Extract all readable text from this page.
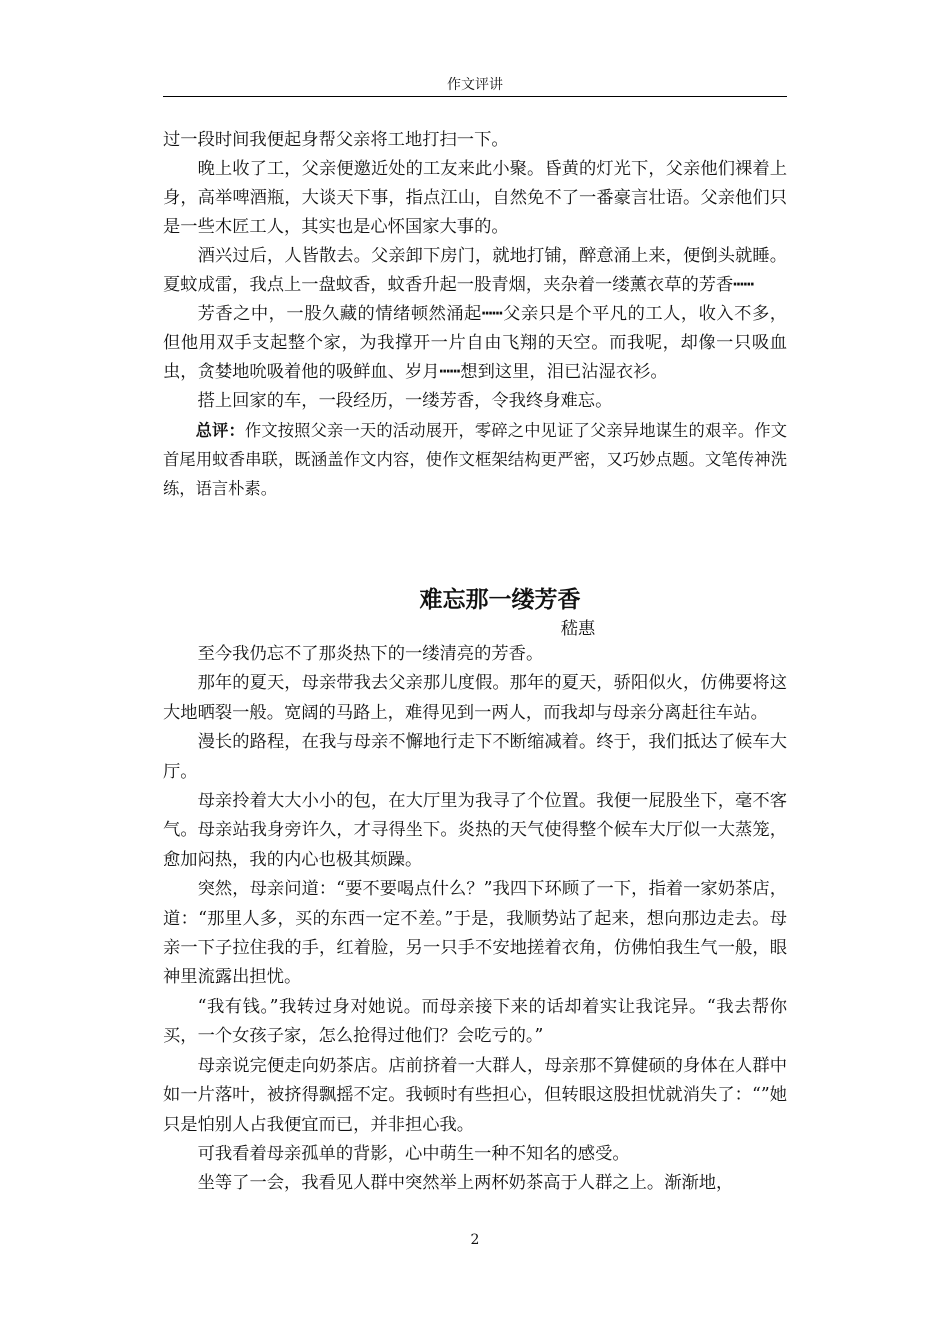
作文评讲

过一段时间我便起身帮父亲将工地打扫一下。

晚上收了工，父亲便邀近处的工友来此小聚。昏黄的灯光下，父亲他们裸着上身，高举啤酒瓶，大谈天下事，指点江山，自然免不了一番豪言壮语。父亲他们只是一些木匠工人，其实也是心怀国家大事的。

酒兴过后，人皆散去。父亲卸下房门，就地打铺，醉意涌上来，便倒头就睡。夏蚊成雷，我点上一盘蚊香，蚊香升起一股青烟，夹杂着一缕薰衣草的芳香┅┅

芳香之中，一股久藏的情绪顿然涌起┅┅父亲只是个平凡的工人，收入不多，但他用双手支起整个家，为我撑开一片自由飞翔的天空。而我呢，却像一只吸血虫，贪婪地吮吸着他的吸鲜血、岁月┅┅想到这里，泪已沾湿衣衫。

搭上回家的车，一段经历，一缕芳香，令我终身难忘。

总评：作文按照父亲一天的活动展开，零碎之中见证了父亲异地谋生的艰辛。作文首尾用蚊香串联，既涵盖作文内容，使作文框架结构更严密，又巧妙点题。文笔传神洗练，语言朴素。

难忘那一缕芳香
嵇惠

至今我仍忘不了那炎热下的一缕清亮的芳香。

那年的夏天，母亲带我去父亲那儿度假。那年的夏天，骄阳似火，仿佛要将这大地晒裂一般。宽阔的马路上，难得见到一两人，而我却与母亲分离赶往车站。

漫长的路程，在我与母亲不懈地行走下不断缩减着。终于，我们抵达了候车大厅。

母亲拎着大大小小的包，在大厅里为我寻了个位置。我便一屁股坐下，毫不客气。母亲站我身旁许久，才寻得坐下。炎热的天气使得整个候车大厅似一大蒸笼，愈加闷热，我的内心也极其烦躁。

突然，母亲问道：“要不要喝点什么？”我四下环顾了一下，指着一家奶茶店，道：“那里人多，买的东西一定不差。”于是，我顺势站了起来，想向那边走去。母亲一下子拉住我的手，红着脸，另一只手不安地搓着衣角，仿佛怕我生气一般，眼神里流露出担忧。

“我有钱。”我转过身对她说。而母亲接下来的话却着实让我诧异。“我去帮你买，一个女孩子家，怎么抢得过他们？会吃亏的。”

母亲说完便走向奶茶店。店前挤着一大群人，母亲那不算健硕的身体在人群中如一片落叶，被挤得飘摇不定。我顿时有些担心，但转眼这股担忧就消失了：“”她只是怕别人占我便宜而已，并非担心我。

可我看着母亲孤单的背影，心中萌生一种不知名的感受。

坐等了一会，我看见人群中突然举上两杯奶茶高于人群之上。渐渐地，

2
